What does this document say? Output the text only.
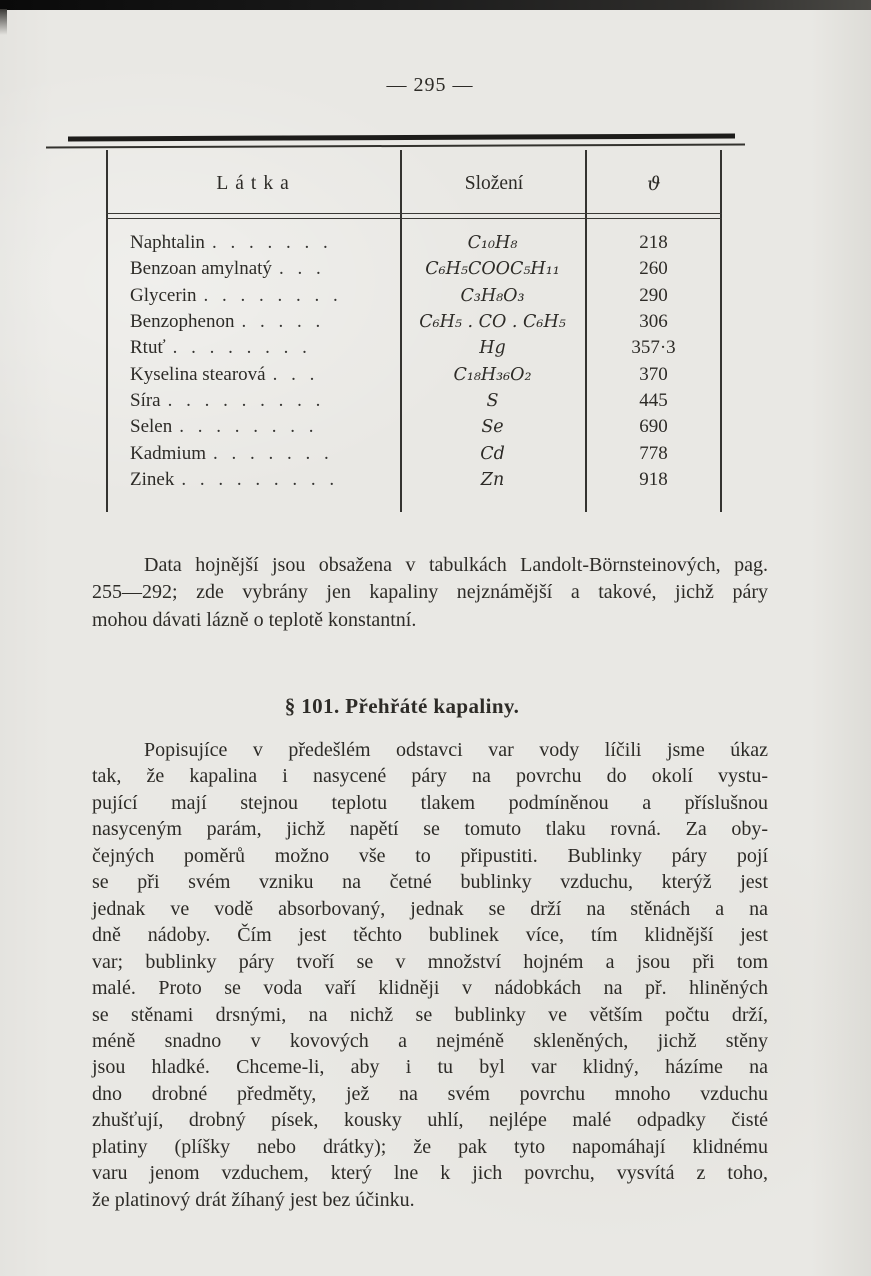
— 295 —
Látka	Složení	ϑ
Naphtalin . . . . . . .	C₁₀H₈	218
Benzoan amylnatý . . .	C₆H₅COOC₅H₁₁	260
Glycerin . . . . . . . .	C₃H₈O₃	290
Benzophenon . . . . .	C₆H₅ . CO . C₆H₅	306
Rtuť . . . . . . . .	Hg	357·3
Kyselina stearová . . .	C₁₈H₃₆O₂	370
Síra . . . . . . . . .	S	445
Selen . . . . . . . .	Se	690
Kadmium . . . . . . .	Cd	778
Zinek . . . . . . . . .	Zn	918
Data hojnější jsou obsažena v tabulkách Landolt-Börnsteinových, pag.
255—292; zde vybrány jen kapaliny nejznámější a takové, jichž páry
mohou dávati lázně o teplotě konstantní.
§ 101. Přehřáté kapaliny.
Popisujíce v předešlém odstavci var vody líčili jsme úkaz
tak, že kapalina i nasycené páry na povrchu do okolí vystu-
pující mají stejnou teplotu tlakem podmíněnou a příslušnou
nasyceným parám, jichž napětí se tomuto tlaku rovná. Za oby-
čejných poměrů možno vše to připustiti. Bublinky páry pojí
se při svém vzniku na četné bublinky vzduchu, kterýž jest
jednak ve vodě absorbovaný, jednak se drží na stěnách a na
dně nádoby. Čím jest těchto bublinek více, tím klidnější jest
var; bublinky páry tvoří se v množství hojném a jsou při tom
malé. Proto se voda vaří klidněji v nádobkách na př. hliněných
se stěnami drsnými, na nichž se bublinky ve větším počtu drží,
méně snadno v kovových a nejméně skleněných, jichž stěny
jsou hladké. Chceme-li, aby i tu byl var klidný, házíme na
dno drobné předměty, jež na svém povrchu mnoho vzduchu
zhušťují, drobný písek, kousky uhlí, nejlépe malé odpadky čisté
platiny (plíšky nebo drátky); že pak tyto napomáhají klidnému
varu jenom vzduchem, který lne k jich povrchu, vysvítá z toho,
že platinový drát žíhaný jest bez účinku.
